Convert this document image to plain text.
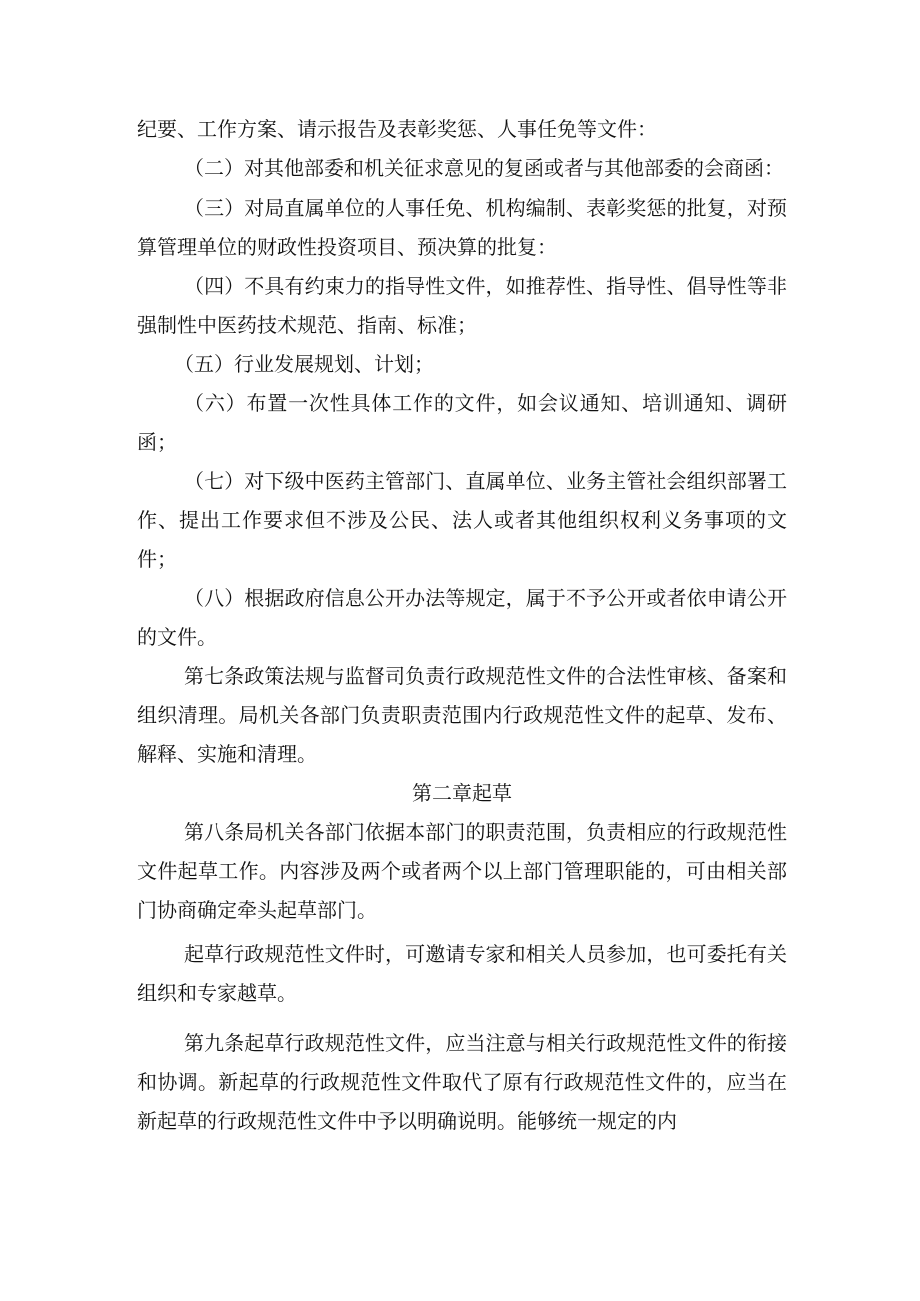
纪要、工作方案、请示报告及表彰奖惩、人事任免等文件：

（二）对其他部委和机关征求意见的复函或者与其他部委的会商函：

（三）对局直属单位的人事任免、机构编制、表彰奖惩的批复，对预算管理单位的财政性投资项目、预决算的批复：

（四）不具有约束力的指导性文件，如推荐性、指导性、倡导性等非强制性中医药技术规范、指南、标准；

（五）行业发展规划、计划；

（六）布置一次性具体工作的文件，如会议通知、培训通知、调研函；

（七）对下级中医药主管部门、直属单位、业务主管社会组织部署工作、提出工作要求但不涉及公民、法人或者其他组织权利义务事项的文件；

（八）根据政府信息公开办法等规定，属于不予公开或者依申请公开的文件。

第七条政策法规与监督司负责行政规范性文件的合法性审核、备案和组织清理。局机关各部门负责职责范围内行政规范性文件的起草、发布、解释、实施和清理。

第二章起草

第八条局机关各部门依据本部门的职责范围，负责相应的行政规范性文件起草工作。内容涉及两个或者两个以上部门管理职能的，可由相关部门协商确定牵头起草部门。

起草行政规范性文件时，可邀请专家和相关人员参加，也可委托有关组织和专家越草。

第九条起草行政规范性文件，应当注意与相关行政规范性文件的衔接和协调。新起草的行政规范性文件取代了原有行政规范性文件的，应当在新起草的行政规范性文件中予以明确说明。能够统一规定的内
